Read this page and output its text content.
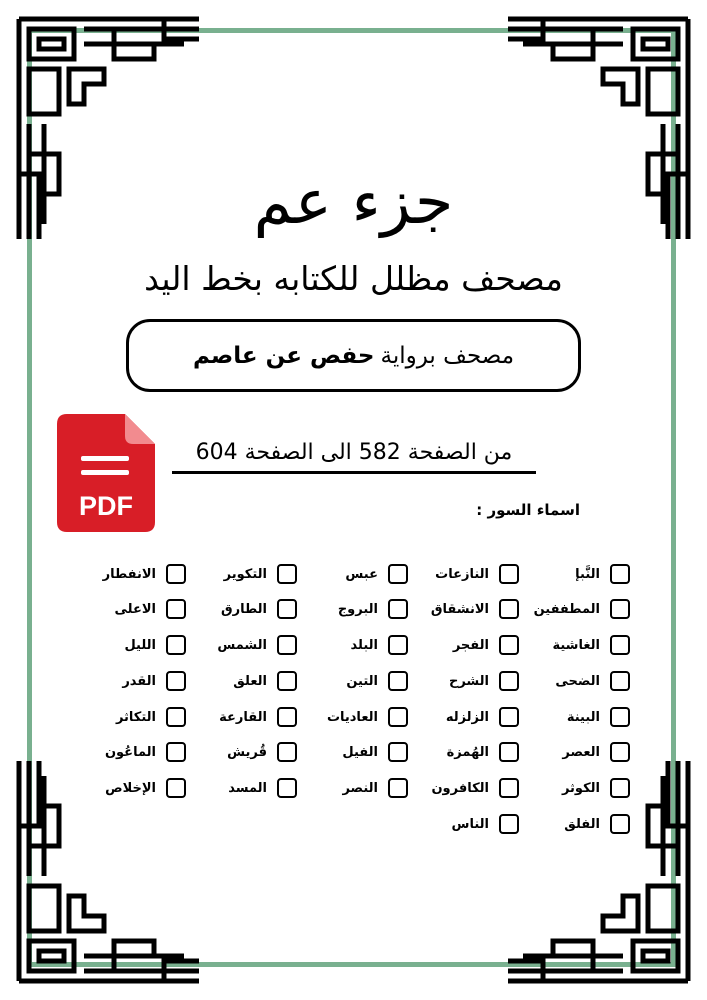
جزء عم
مصحف مظلل للكتابه بخط اليد
مصحف برواية
حفص عن عاصم
PDF
من الصفحة 582 الى الصفحة 604
اسماء السور :
النَّبإ
النازعات
عبس
التكوير
الانفطار
المطففين
الانشقاق
البروج
الطارق
الاعلى
الغاشية
الفجر
البلد
الشمس
الليل
الضحى
الشرح
التين
العلق
القدر
البينة
الزلزله
العاديات
القارعة
التكاثر
العصر
الهُمزة
الفيل
قُريش
الماعُون
الكوثر
الكافرون
النصر
المسد
الإخلاص
الفلق
الناس
